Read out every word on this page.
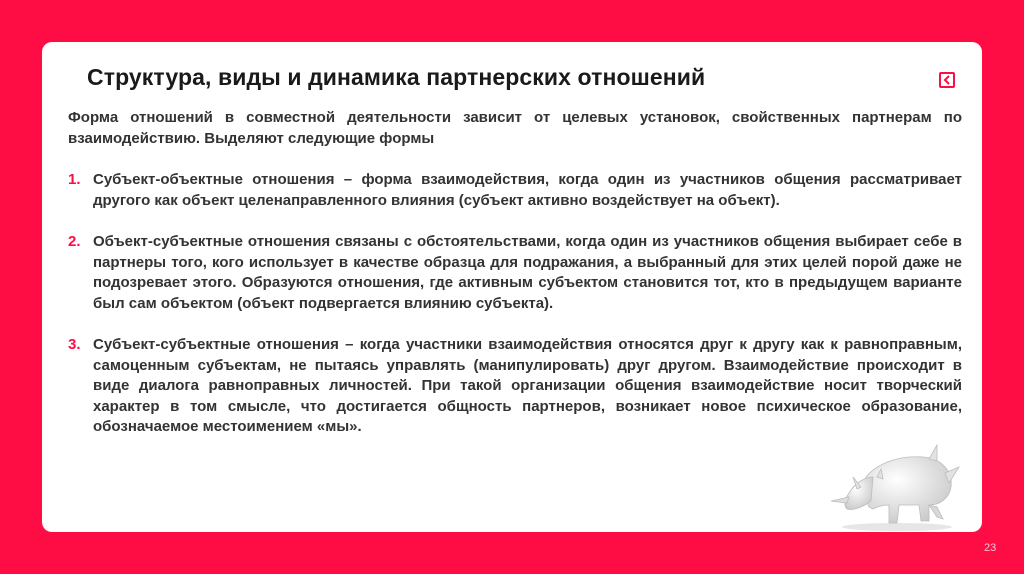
Структура, виды и динамика партнерских отношений

Форма отношений в совместной деятельности зависит от целевых установок, свойственных партнерам по взаимодействию. Выделяют следующие формы

1. Субъект-объектные отношения – форма взаимодействия, когда один из участников общения рассматривает другого как объект целенаправленного влияния (субъект активно воздействует на объект).
2. Объект-субъектные отношения связаны с обстоятельствами, когда один из участников общения выбирает себе в партнеры того, кого использует в качестве образца для подражания, а выбранный для этих целей порой даже не подозревает этого. Образуются отношения, где активным субъектом становится тот, кто в предыдущем варианте был сам объектом (объект подвергается влиянию субъекта).
3. Субъект-субъектные отношения – когда участники взаимодействия относятся друг к другу как к равноправным, самоценным субъектам, не пытаясь управлять (манипулировать) друг другом. Взаимодействие происходит в виде диалога равноправных личностей. При такой организации общения взаимодействие носит творческий характер в том смысле, что достигается общность партнеров, возникает новое психическое образование, обозначаемое местоимением «мы».
23
